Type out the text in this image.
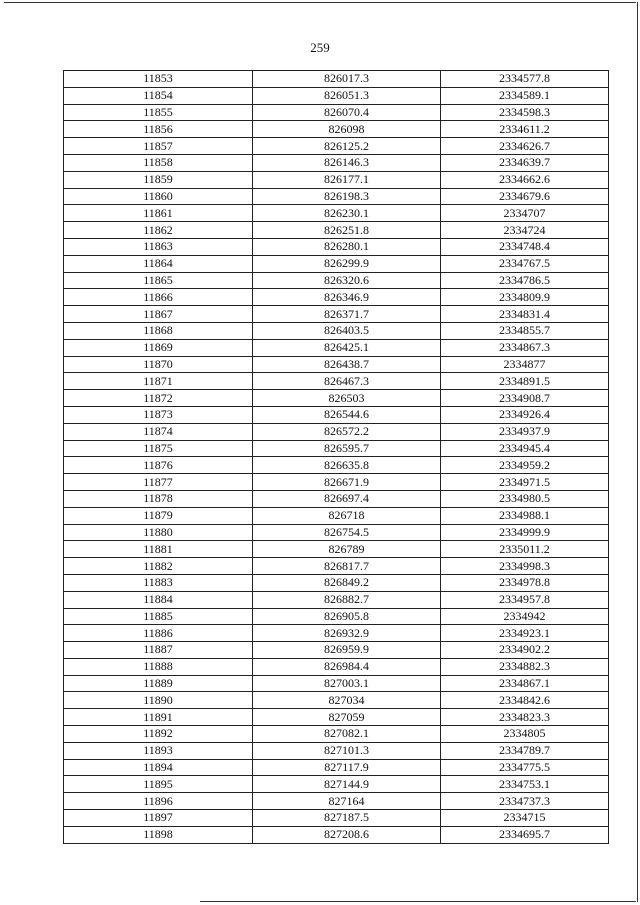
259
11853	826017.3	2334577.8
11854	826051.3	2334589.1
11855	826070.4	2334598.3
11856	826098	2334611.2
11857	826125.2	2334626.7
11858	826146.3	2334639.7
11859	826177.1	2334662.6
11860	826198.3	2334679.6
11861	826230.1	2334707
11862	826251.8	2334724
11863	826280.1	2334748.4
11864	826299.9	2334767.5
11865	826320.6	2334786.5
11866	826346.9	2334809.9
11867	826371.7	2334831.4
11868	826403.5	2334855.7
11869	826425.1	2334867.3
11870	826438.7	2334877
11871	826467.3	2334891.5
11872	826503	2334908.7
11873	826544.6	2334926.4
11874	826572.2	2334937.9
11875	826595.7	2334945.4
11876	826635.8	2334959.2
11877	826671.9	2334971.5
11878	826697.4	2334980.5
11879	826718	2334988.1
11880	826754.5	2334999.9
11881	826789	2335011.2
11882	826817.7	2334998.3
11883	826849.2	2334978.8
11884	826882.7	2334957.8
11885	826905.8	2334942
11886	826932.9	2334923.1
11887	826959.9	2334902.2
11888	826984.4	2334882.3
11889	827003.1	2334867.1
11890	827034	2334842.6
11891	827059	2334823.3
11892	827082.1	2334805
11893	827101.3	2334789.7
11894	827117.9	2334775.5
11895	827144.9	2334753.1
11896	827164	2334737.3
11897	827187.5	2334715
11898	827208.6	2334695.7
